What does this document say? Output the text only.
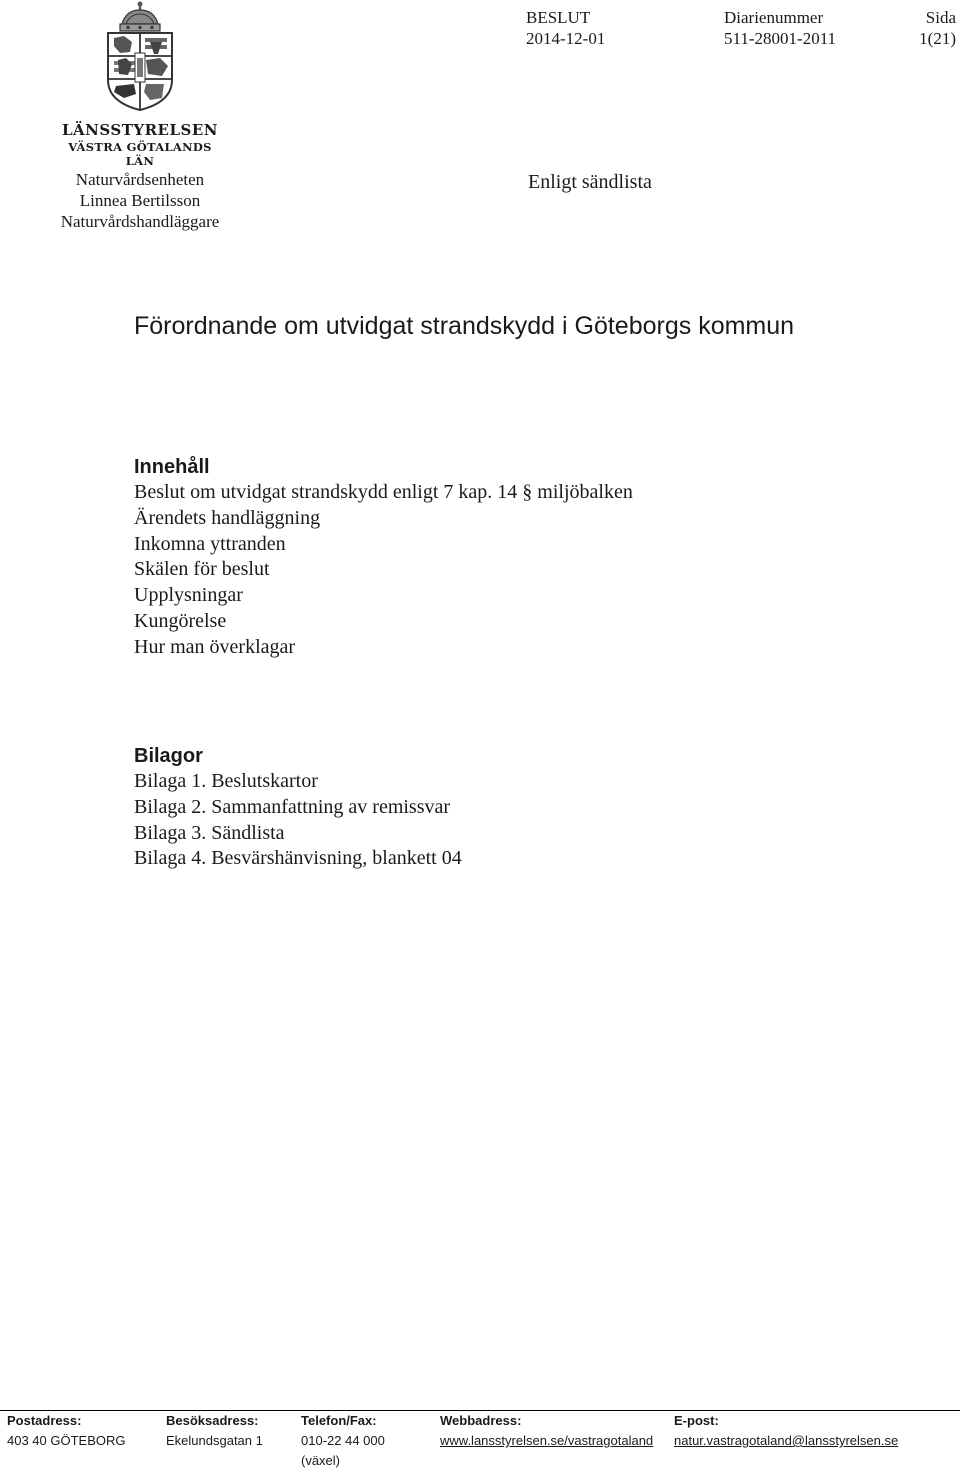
LÄNSSTYRELSEN
VÄSTRA GÖTALANDS LÄN
Naturvårdsenheten
Linnea Bertilsson
Naturvårdshandläggare
BESLUT
2014-12-01
Diarienummer
511-28001-2011
Sida
1(21)
Enligt sändlista
Förordnande om utvidgat strandskydd i Göteborgs kommun
Innehåll
Beslut om utvidgat strandskydd enligt 7 kap. 14 § miljöbalken
Ärendets handläggning
Inkomna yttranden
Skälen för beslut
Upplysningar
Kungörelse
Hur man överklagar
Bilagor
Bilaga 1. Beslutskartor
Bilaga 2. Sammanfattning av remissvar
Bilaga 3. Sändlista
Bilaga 4. Besvärshänvisning, blankett 04
Postadress:
403 40 GÖTEBORG
Besöksadress:
Ekelundsgatan 1
Telefon/Fax:
010-22 44 000
(växel)
Webbadress:
www.lansstyrelsen.se/vastragotaland
E-post:
natur.vastragotaland@lansstyrelsen.se
